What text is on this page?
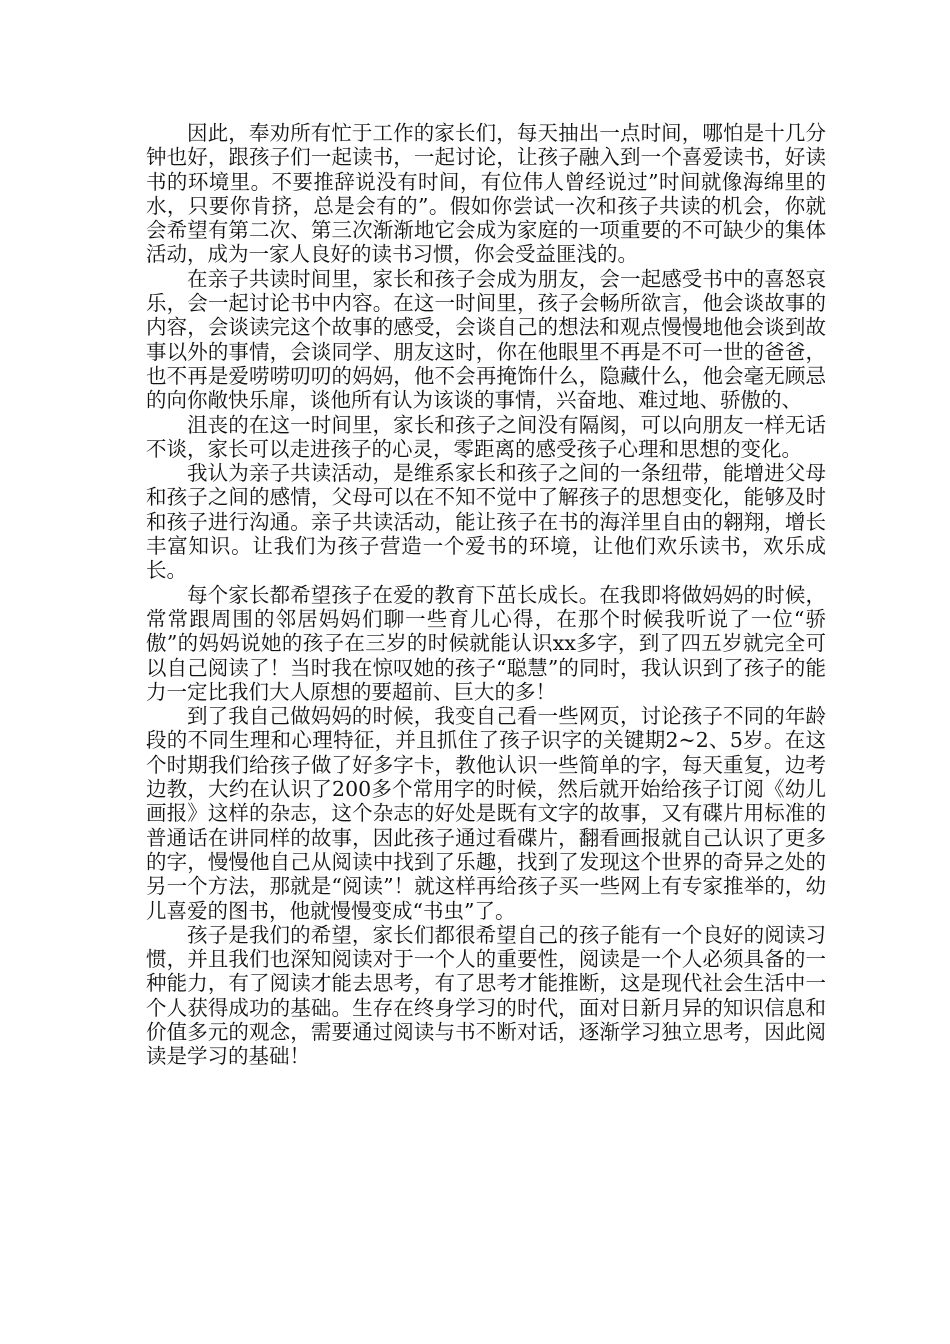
因此，奉劝所有忙于工作的家长们，每天抽出一点时间，哪怕是十几分钟也好，跟孩子们一起读书，一起讨论，让孩子融入到一个喜爱读书，好读书的环境里。不要推辞说没有时间，有位伟人曾经说过”时间就像海绵里的水，只要你肯挤，总是会有的”。假如你尝试一次和孩子共读的机会，你就会希望有第二次、第三次渐渐地它会成为家庭的一项重要的不可缺少的集体活动，成为一家人良好的读书习惯，你会受益匪浅的。

在亲子共读时间里，家长和孩子会成为朋友，会一起感受书中的喜怒哀乐，会一起讨论书中内容。在这一时间里，孩子会畅所欲言，他会谈故事的内容，会谈读完这个故事的感受，会谈自己的想法和观点慢慢地他会谈到故事以外的事情，会谈同学、朋友这时，你在他眼里不再是不可一世的爸爸，也不再是爱唠唠叨叨的妈妈，他不会再掩饰什么，隐藏什么，他会毫无顾忌的向你敞快乐扉，谈他所有认为该谈的事情，兴奋地、难过地、骄傲的、

沮丧的在这一时间里，家长和孩子之间没有隔阂，可以向朋友一样无话不谈，家长可以走进孩子的心灵，零距离的感受孩子心理和思想的变化。

我认为亲子共读活动，是维系家长和孩子之间的一条纽带，能增进父母和孩子之间的感情，父母可以在不知不觉中了解孩子的思想变化，能够及时和孩子进行沟通。亲子共读活动，能让孩子在书的海洋里自由的翱翔，增长丰富知识。让我们为孩子营造一个爱书的环境，让他们欢乐读书，欢乐成长。

每个家长都希望孩子在爱的教育下茁长成长。在我即将做妈妈的时候，常常跟周围的邻居妈妈们聊一些育儿心得，在那个时候我听说了一位“骄傲”的妈妈说她的孩子在三岁的时候就能认识xx多字，到了四五岁就完全可以自己阅读了！当时我在惊叹她的孩子“聪慧”的同时，我认识到了孩子的能力一定比我们大人原想的要超前、巨大的多！

到了我自己做妈妈的时候，我变自己看一些网页，讨论孩子不同的年龄段的不同生理和心理特征，并且抓住了孩子识字的关键期2~2、5岁。在这个时期我们给孩子做了好多字卡，教他认识一些简单的字，每天重复，边考边教，大约在认识了200多个常用字的时候，然后就开始给孩子订阅《幼儿画报》这样的杂志，这个杂志的好处是既有文字的故事，又有碟片用标准的普通话在讲同样的故事，因此孩子通过看碟片，翻看画报就自己认识了更多的字，慢慢他自己从阅读中找到了乐趣，找到了发现这个世界的奇异之处的另一个方法，那就是“阅读”！就这样再给孩子买一些网上有专家推举的，幼儿喜爱的图书，他就慢慢变成“书虫”了。

孩子是我们的希望，家长们都很希望自己的孩子能有一个良好的阅读习惯，并且我们也深知阅读对于一个人的重要性，阅读是一个人必须具备的一种能力，有了阅读才能去思考，有了思考才能推断，这是现代社会生活中一个人获得成功的基础。生存在终身学习的时代，面对日新月异的知识信息和价值多元的观念，需要通过阅读与书不断对话，逐渐学习独立思考，因此阅读是学习的基础！
